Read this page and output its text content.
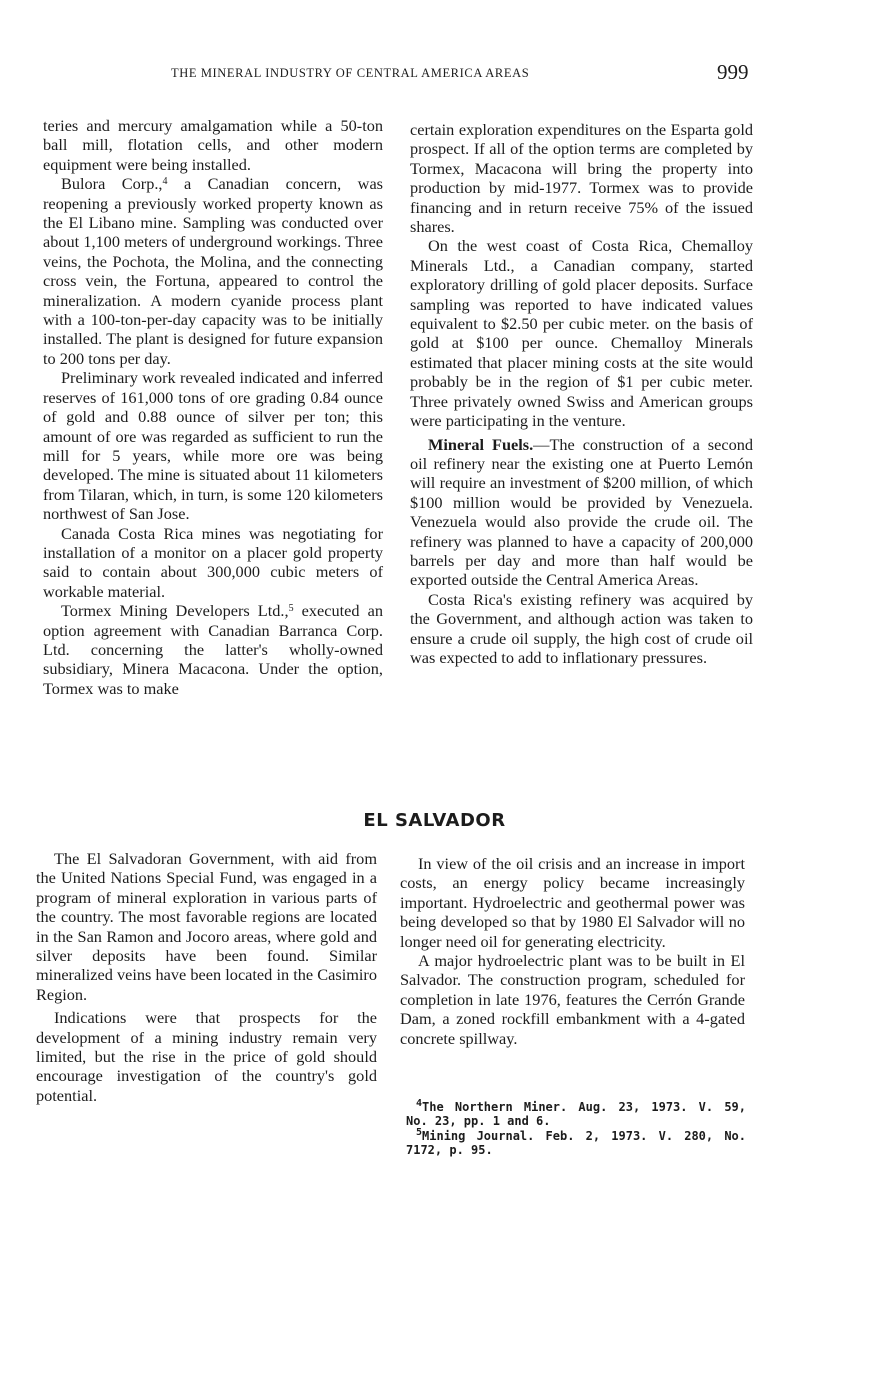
THE MINERAL INDUSTRY OF CENTRAL AMERICA AREAS	999

teries and mercury amalgamation while a 50-ton ball mill, flotation cells, and other modern equipment were being installed.

Bulora Corp.,$^4$ a Canadian concern, was reopening a previously worked property known as the El Libano mine. Sampling was conducted over about 1,100 meters of underground workings. Three veins, the Pochota, the Molina, and the connecting cross vein, the Fortuna, appeared to control the mineralization. A modern cyanide process plant with a 100-ton-per-day capacity was to be initially installed. The plant is designed for future expansion to 200 tons per day.

Preliminary work revealed indicated and inferred reserves of 161,000 tons of ore grading 0.84 ounce of gold and 0.88 ounce of silver per ton; this amount of ore was regarded as sufficient to run the mill for 5 years, while more ore was being developed. The mine is situated about 11 kilometers from Tilaran, which, in turn, is some 120 kilometers northwest of San Jose.

Canada Costa Rica mines was negotiating for installation of a monitor on a placer gold property said to contain about 300,000 cubic meters of workable material.

Tormex Mining Developers Ltd.,$^5$ executed an option agreement with Canadian Barranca Corp. Ltd. concerning the latter's wholly-owned subsidiary, Minera Macacona. Under the option, Tormex was to make

certain exploration expenditures on the Esparta gold prospect. If all of the option terms are completed by Tormex, Macacona will bring the property into production by mid-1977. Tormex was to provide financing and in return receive 75% of the issued shares.

On the west coast of Costa Rica, Chemalloy Minerals Ltd., a Canadian company, started exploratory drilling of gold placer deposits. Surface sampling was reported to have indicated values equivalent to $2.50 per cubic meter. on the basis of gold at $100 per ounce. Chemalloy Minerals estimated that placer mining costs at the site would probably be in the region of $1 per cubic meter. Three privately owned Swiss and American groups were participating in the venture.

Mineral Fuels.—The construction of a second oil refinery near the existing one at Puerto Lemón will require an investment of $200 million, of which $100 million would be provided by Venezuela. Venezuela would also provide the crude oil. The refinery was planned to have a capacity of 200,000 barrels per day and more than half would be exported outside the Central America Areas.

Costa Rica's existing refinery was acquired by the Government, and although action was taken to ensure a crude oil supply, the high cost of crude oil was expected to add to inflationary pressures.

EL SALVADOR

The El Salvadoran Government, with aid from the United Nations Special Fund, was engaged in a program of mineral exploration in various parts of the country. The most favorable regions are located in the San Ramon and Jocoro areas, where gold and silver deposits have been found. Similar mineralized veins have been located in the Casimiro Region.

Indications were that prospects for the development of a mining industry remain very limited, but the rise in the price of gold should encourage investigation of the country's gold potential.

In view of the oil crisis and an increase in import costs, an energy policy became increasingly important. Hydroelectric and geothermal power was being developed so that by 1980 El Salvador will no longer need oil for generating electricity.

A major hydroelectric plant was to be built in El Salvador. The construction program, scheduled for completion in late 1976, features the Cerrón Grande Dam, a zoned rockfill embankment with a 4-gated concrete spillway.

$^4$The Northern Miner. Aug. 23, 1973. V. 59, No. 23, pp. 1 and 6.

$^5$Mining Journal. Feb. 2, 1973. V. 280, No. 7172, p. 95.
